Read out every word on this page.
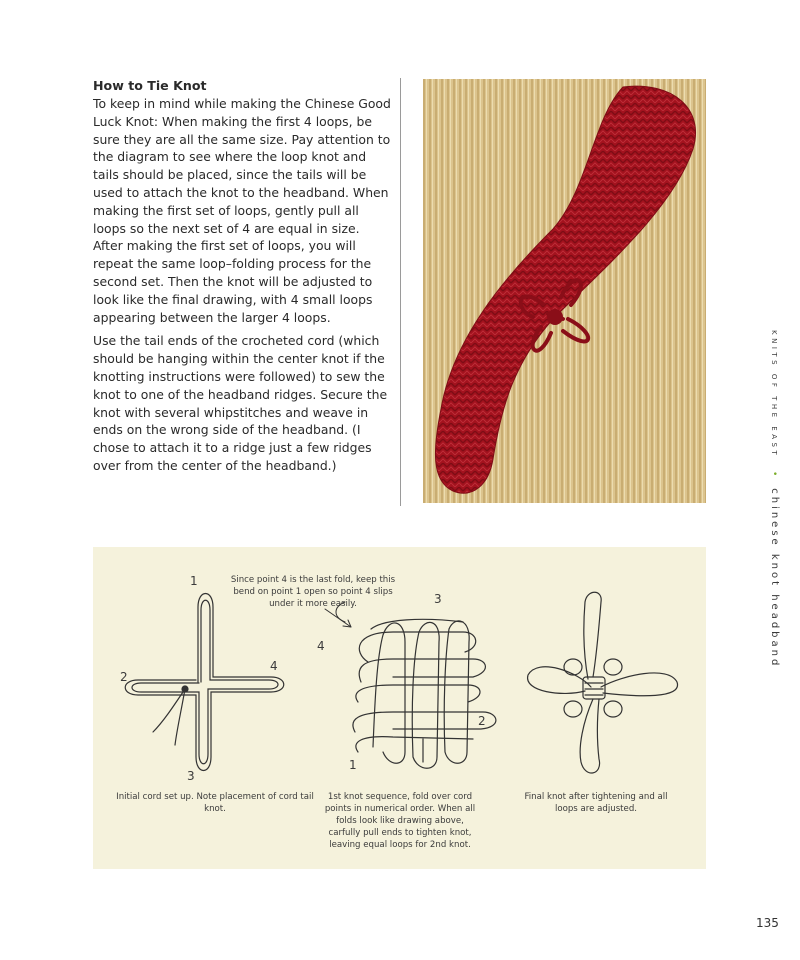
How to Tie Knot

To keep in mind while making the Chinese Good Luck Knot: When making the first 4 loops, be sure they are all the same size. Pay attention to the diagram to see where the loop knot and tails should be placed, since the tails will be used to attach the knot to the headband. When making the first set of loops, gently pull all loops so the next set of 4 are equal in size. After making the first set of loops, you will repeat the same loop–folding process for the second set. Then the knot will be adjusted to look like the final drawing, with 4 small loops appearing between the larger 4 loops.

Use the tail ends of the crocheted cord (which should be hanging within the center knot if the knotting instructions were followed) to sew the knot to one of the headband ridges. Secure the knot with several whipstitches and weave in ends on the wrong side of the headband. (I chose to attach it to a ridge just a few ridges over from the center of the headband.)

KNITS OF THE EAST • chinese knot headband
1
2
3
4
1
2
3
4
Since point 4 is the last fold, keep this bend on point 1 open so point 4 slips under it more easily.
Initial cord set up. Note placement of cord tail knot.
1st knot sequence, fold over cord points in numerical order. When all folds look like drawing above, carfully pull ends to tighten knot, leaving equal loops for 2nd knot.
Final knot after tightening and all loops are adjusted.
135
